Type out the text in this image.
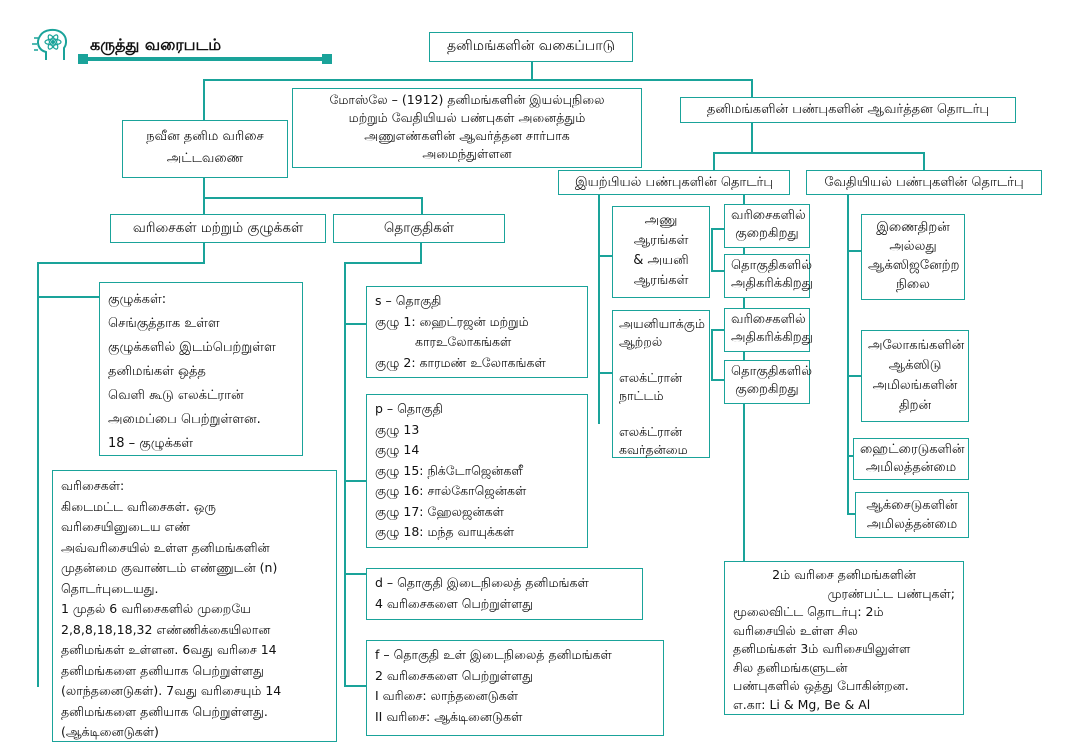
கருத்து வரைபடம்	தனிமங்களின் வகைப்பாடு
மோஸ்லே – (1912) தனிமங்களின் இயல்புநிலை
மற்றும் வேதியியல் பண்புகள் அனைத்தும்
அணுஎண்களின் ஆவர்த்தன சார்பாக
அமைந்துள்ளன
நவீன தனிம வரிசை
அட்டவணை
வரிசைகள் மற்றும் குழுக்கள்	தொகுதிகள்
குழுக்கள்:
செங்குத்தாக உள்ள
குழுக்களில் இடம்பெற்றுள்ள
தனிமங்கள் ஒத்த
வெளி கூடு எலக்ட்ரான்
அமைப்பை பெற்றுள்ளன.
18 – குழுக்கள்
வரிசைகள்:
கிடைமட்ட வரிசைகள். ஒரு
வரிசையினுடைய எண்
அவ்வரிசையில் உள்ள தனிமங்களின்
முதன்மை குவாண்டம் எண்ணுடன் (n)
தொடர்புடையது.
1 முதல் 6 வரிசைகளில் முறையே
2,8,8,18,18,32 எண்ணிக்கையிலான
தனிமங்கள் உள்ளன. 6வது வரிசை 14
தனிமங்களை தனியாக பெற்றுள்ளது
(லாந்தனைடுகள்). 7வது வரிசையும் 14
தனிமங்களை தனியாக பெற்றுள்ளது.
(ஆக்டினைடுகள்)
s – தொகுதி
குழு 1: ஹைட்ரஜன் மற்றும்
காரஉலோகங்கள்
குழு 2: காரமண் உலோகங்கள்
p – தொகுதி
குழு 13
குழு 14
குழு 15: நிக்டோஜென்களீ
குழு 16: சால்கோஜென்கள்
குழு 17: ஹேலஜன்கள்
குழு 18: மந்த வாயுக்கள்
d – தொகுதி இடைநிலைத் தனிமங்கள்
4 வரிசைகளை பெற்றுள்ளது
f – தொகுதி உள் இடைநிலைத் தனிமங்கள்
2 வரிசைகளை பெற்றுள்ளது
I வரிசை: லாந்தனைடுகள்
II வரிசை: ஆக்டினைடுகள்
தனிமங்களின் பண்புகளின் ஆவர்த்தன தொடர்பு
இயற்பியல் பண்புகளின் தொடர்பு	வேதியியல் பண்புகளின் தொடர்பு
அணு
ஆரங்கள்
& அயனி
ஆரங்கள்
வரிசைகளில்
குறைகிறது
தொகுதிகளில்
அதிகரிக்கிறது
அயனியாக்கும்
ஆற்றல்

எலக்ட்ரான்
நாட்டம்

எலக்ட்ரான்
கவர்தன்மை
வரிசைகளில்
அதிகரிக்கிறது
தொகுதிகளில்
குறைகிறது
இணைதிறன்
அல்லது
ஆக்ஸிஜனேற்ற
நிலை
அலோகங்களின்
ஆக்ஸிடு
அமிலங்களின்
திறன்
ஹைட்ரைடுகளின்
அமிலத்தன்மை
ஆக்சைடுகளின்
அமிலத்தன்மை
2ம் வரிசை தனிமங்களின்
முரண்பட்ட பண்புகள்;
மூலைவிட்ட தொடர்பு: 2ம்
வரிசையில் உள்ள சில
தனிமங்கள் 3ம் வரிசையிலுள்ள
சில தனிமங்களுடன்
பண்புகளில் ஒத்து போகின்றன.
எ.கா: Li & Mg, Be & Al
